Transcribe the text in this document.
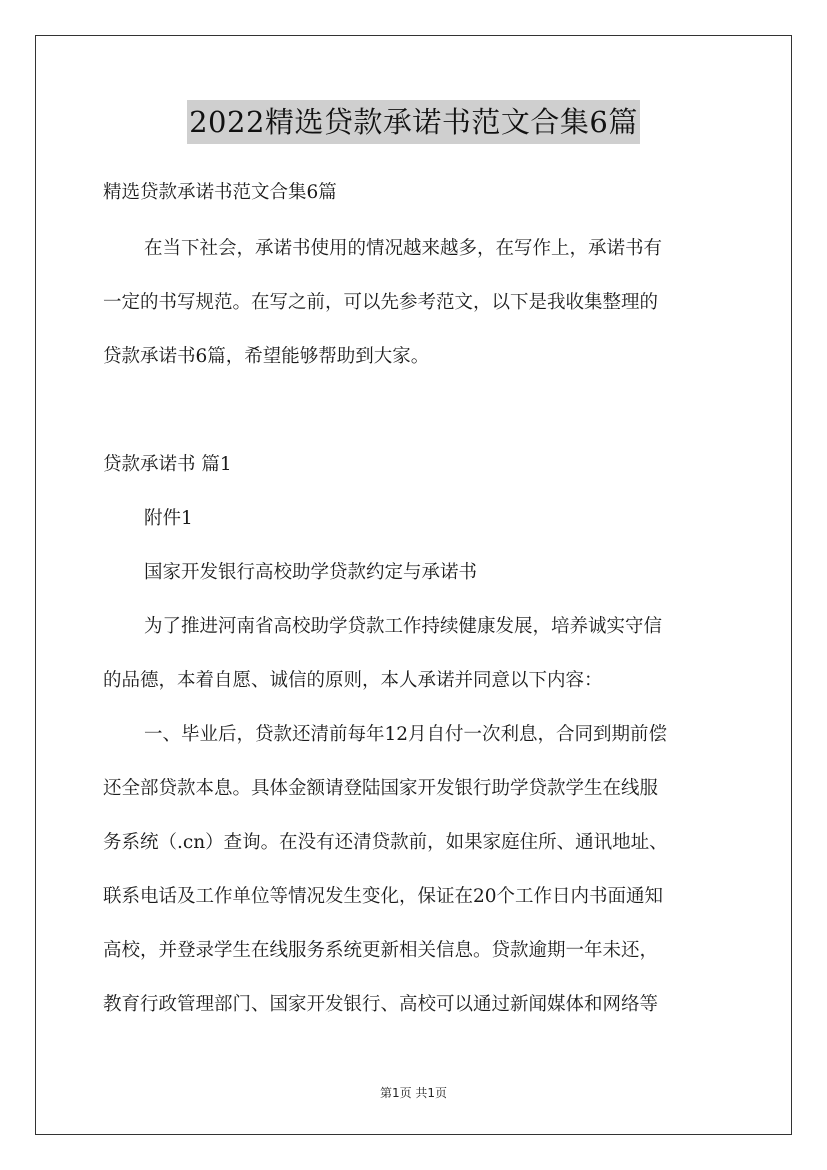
2022精选贷款承诺书范文合集6篇
精选贷款承诺书范文合集6篇
在当下社会，承诺书使用的情况越来越多，在写作上，承诺书有
一定的书写规范。在写之前，可以先参考范文，以下是我收集整理的
贷款承诺书6篇，希望能够帮助到大家。
贷款承诺书 篇1
附件1
国家开发银行高校助学贷款约定与承诺书
为了推进河南省高校助学贷款工作持续健康发展，培养诚实守信
的品德，本着自愿、诚信的原则，本人承诺并同意以下内容：
一、毕业后，贷款还清前每年12月自付一次利息，合同到期前偿
还全部贷款本息。具体金额请登陆国家开发银行助学贷款学生在线服
务系统（.cn）查询。在没有还清贷款前，如果家庭住所、通讯地址、
联系电话及工作单位等情况发生变化，保证在20个工作日内书面通知
高校，并登录学生在线服务系统更新相关信息。贷款逾期一年未还，
教育行政管理部门、国家开发银行、高校可以通过新闻媒体和网络等
第1页 共1页
